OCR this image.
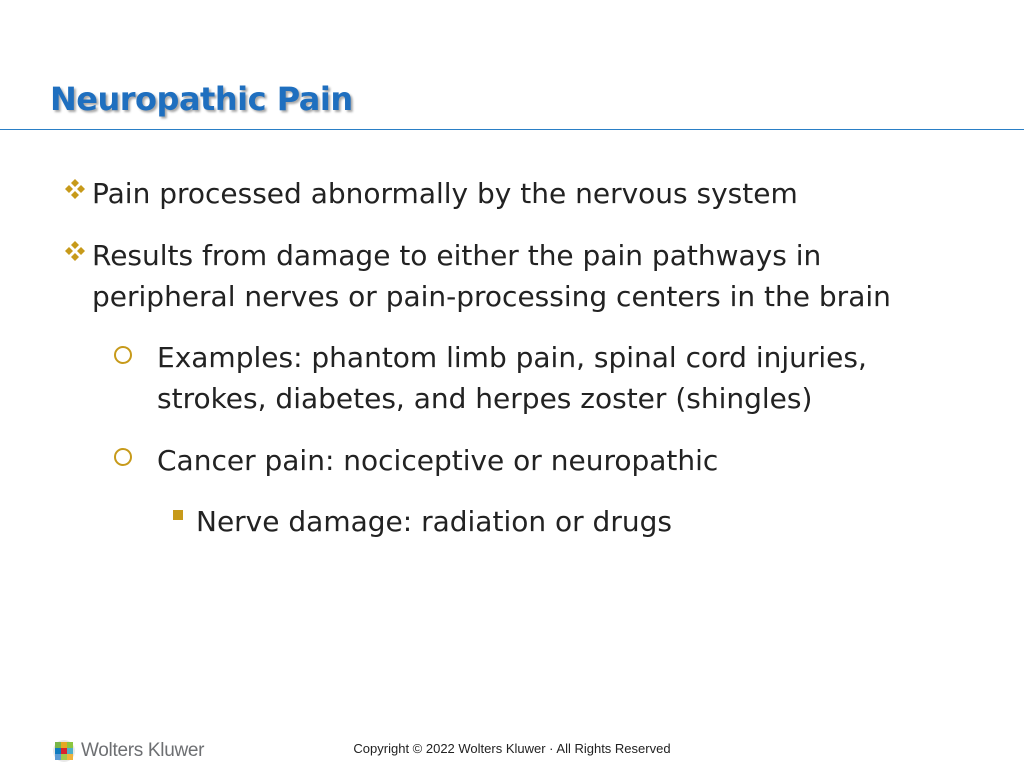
Neuropathic Pain
Pain processed abnormally by the nervous system
Results from damage to either the pain pathways in
peripheral nerves or pain-processing centers in the brain
Examples: phantom limb pain, spinal cord injuries,
strokes, diabetes, and herpes zoster (shingles)
Cancer pain: nociceptive or neuropathic
Nerve damage: radiation or drugs
Wolters Kluwer	Copyright © 2022 Wolters Kluwer · All Rights Reserved
